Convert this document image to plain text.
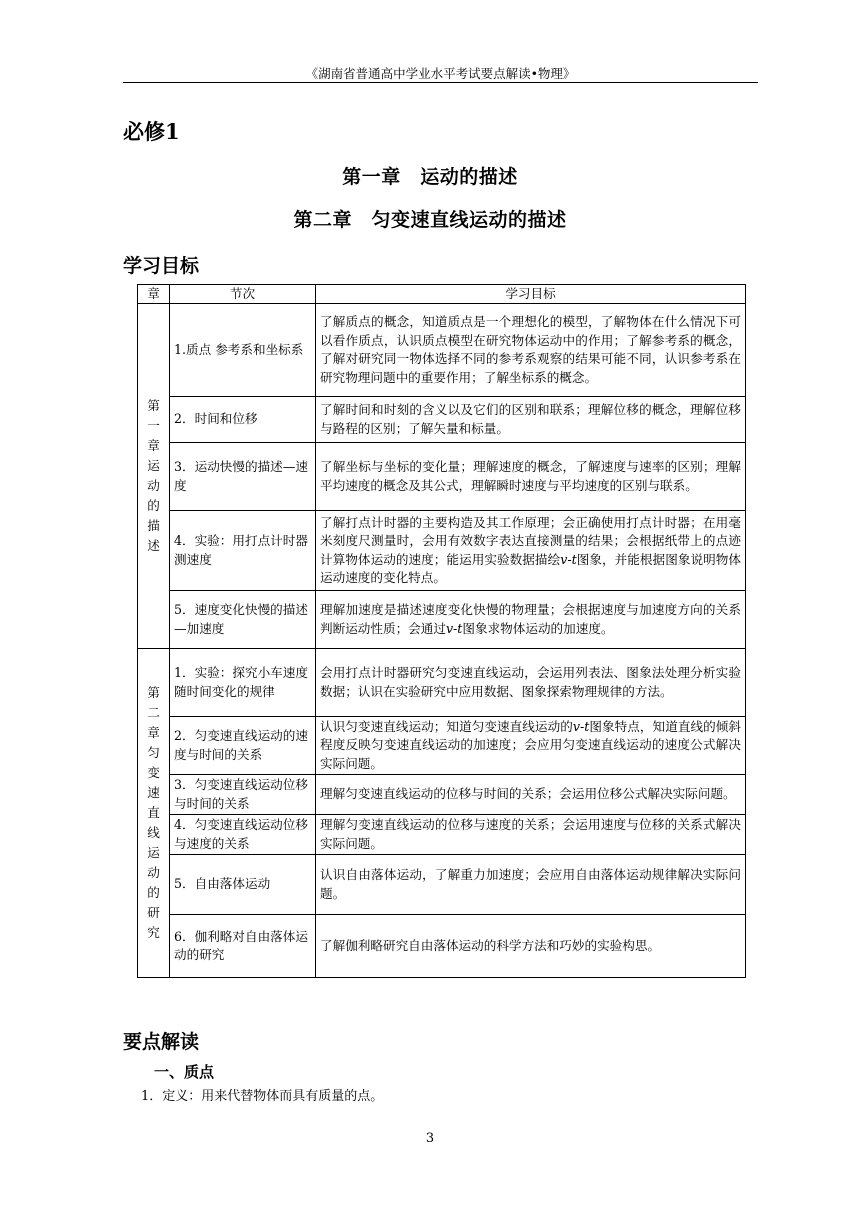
《湖南省普通高中学业水平考试要点解读•物理》
必修1
第一章　运动的描述
第二章　匀变速直线运动的描述
学习目标
章	节次	学习目标

第一章运动的描述	1.质点 参考系和坐标系	了解质点的概念，知道质点是一个理想化的模型，了解物体在什么情况下可以看作质点，认识质点模型在研究物体运动中的作用；了解参考系的概念，了解对研究同一物体选择不同的参考系观察的结果可能不同，认识参考系在研究物理问题中的重要作用；了解坐标系的概念。
	2．时间和位移	了解时间和时刻的含义以及它们的区别和联系；理解位移的概念，理解位移与路程的区别；了解矢量和标量。
	3．运动快慢的描述—速度	了解坐标与坐标的变化量；理解速度的概念，了解速度与速率的区别；理解平均速度的概念及其公式，理解瞬时速度与平均速度的区别与联系。
	4．实验：用打点计时器测速度	了解打点计时器的主要构造及其工作原理；会正确使用打点计时器；在用毫米刻度尺测量时，会用有效数字表达直接测量的结果；会根据纸带上的点迹计算物体运动的速度；能运用实验数据描绘v-t图象，并能根据图象说明物体运动速度的变化特点。
	5．速度变化快慢的描述—加速度	理解加速度是描述速度变化快慢的物理量；会根据速度与加速度方向的关系判断运动性质；会通过v-t图象求物体运动的加速度。

第二章匀变速直线运动的研究	1．实验：探究小车速度随时间变化的规律	会用打点计时器研究匀变速直线运动，会运用列表法、图象法处理分析实验数据；认识在实验研究中应用数据、图象探索物理规律的方法。
	2．匀变速直线运动的速度与时间的关系	认识匀变速直线运动；知道匀变速直线运动的v-t图象特点，知道直线的倾斜程度反映匀变速直线运动的加速度；会应用匀变速直线运动的速度公式解决实际问题。
	3．匀变速直线运动位移与时间的关系	理解匀变速直线运动的位移与时间的关系；会运用位移公式解决实际问题。
	4．匀变速直线运动位移与速度的关系	理解匀变速直线运动的位移与速度的关系；会运用速度与位移的关系式解决实际问题。
	5．自由落体运动	认识自由落体运动，了解重力加速度；会应用自由落体运动规律解决实际问题。
	6．伽利略对自由落体运动的研究	了解伽利略研究自由落体运动的科学方法和巧妙的实验构思。
要点解读
一、质点
1．定义：用来代替物体而具有质量的点。
3
